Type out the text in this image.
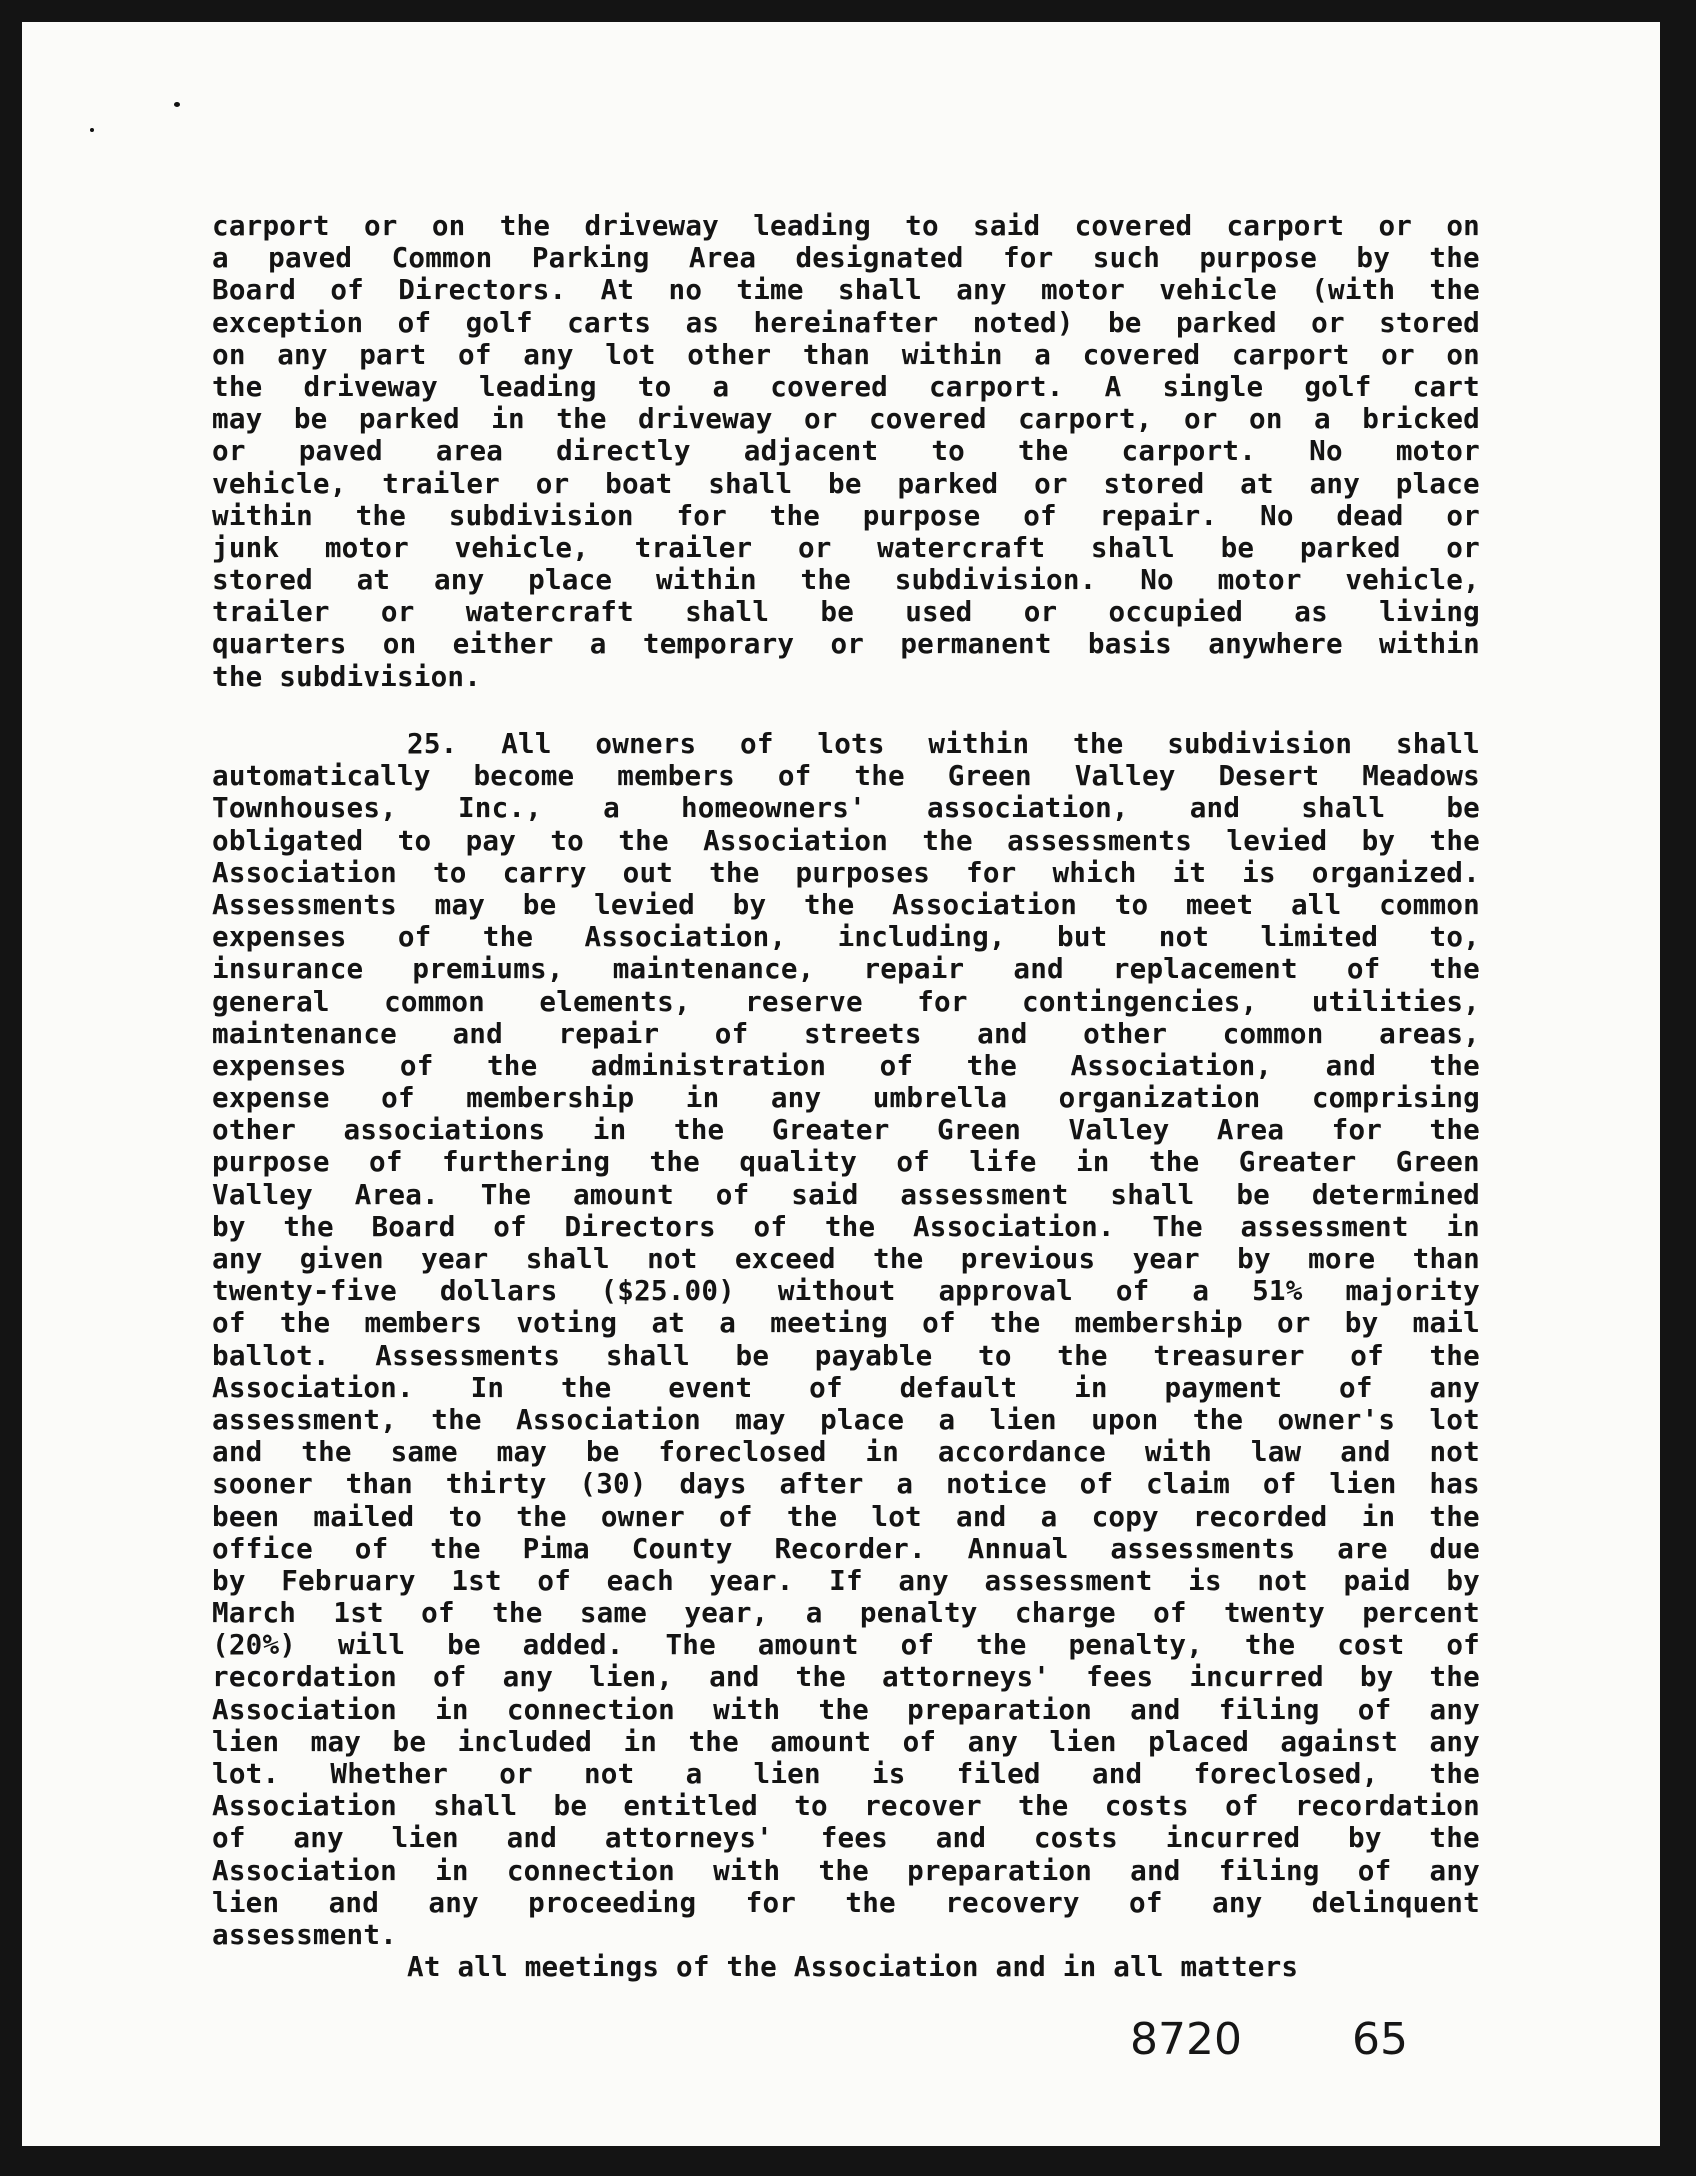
carport or on the driveway leading to said covered carport or on
a paved Common Parking Area designated for such purpose by the
Board of Directors. At no time shall any motor vehicle (with the
exception of golf carts as hereinafter noted) be parked or stored
on any part of any lot other than within a covered carport or on
the driveway leading to a covered carport. A single golf cart
may be parked in the driveway or covered carport, or on a bricked
or paved area directly adjacent to the carport. No motor
vehicle, trailer or boat shall be parked or stored at any place
within the subdivision for the purpose of repair. No dead or
junk motor vehicle, trailer or watercraft shall be parked or
stored at any place within the subdivision. No motor vehicle,
trailer or watercraft shall be used or occupied as living
quarters on either a temporary or permanent basis anywhere within
the subdivision.
25. All owners of lots within the subdivision shall
automatically become members of the Green Valley Desert Meadows
Townhouses, Inc., a homeowners' association, and shall be
obligated to pay to the Association the assessments levied by the
Association to carry out the purposes for which it is organized.
Assessments may be levied by the Association to meet all common
expenses of the Association, including, but not limited to,
insurance premiums, maintenance, repair and replacement of the
general common elements, reserve for contingencies, utilities,
maintenance and repair of streets and other common areas,
expenses of the administration of the Association, and the
expense of membership in any umbrella organization comprising
other associations in the Greater Green Valley Area for the
purpose of furthering the quality of life in the Greater Green
Valley Area. The amount of said assessment shall be determined
by the Board of Directors of the Association. The assessment in
any given year shall not exceed the previous year by more than
twenty-five dollars ($25.00) without approval of a 51% majority
of the members voting at a meeting of the membership or by mail
ballot. Assessments shall be payable to the treasurer of the
Association. In the event of default in payment of any
assessment, the Association may place a lien upon the owner's lot
and the same may be foreclosed in accordance with law and not
sooner than thirty (30) days after a notice of claim of lien has
been mailed to the owner of the lot and a copy recorded in the
office of the Pima County Recorder. Annual assessments are due
by February 1st of each year. If any assessment is not paid by
March 1st of the same year, a penalty charge of twenty percent
(20%) will be added. The amount of the penalty, the cost of
recordation of any lien, and the attorneys' fees incurred by the
Association in connection with the preparation and filing of any
lien may be included in the amount of any lien placed against any
lot. Whether or not a lien is filed and foreclosed, the
Association shall be entitled to recover the costs of recordation
of any lien and attorneys' fees and costs incurred by the
Association in connection with the preparation and filing of any
lien and any proceeding for the recovery of any delinquent
assessment.
At all meetings of the Association and in all matters
8720	65
